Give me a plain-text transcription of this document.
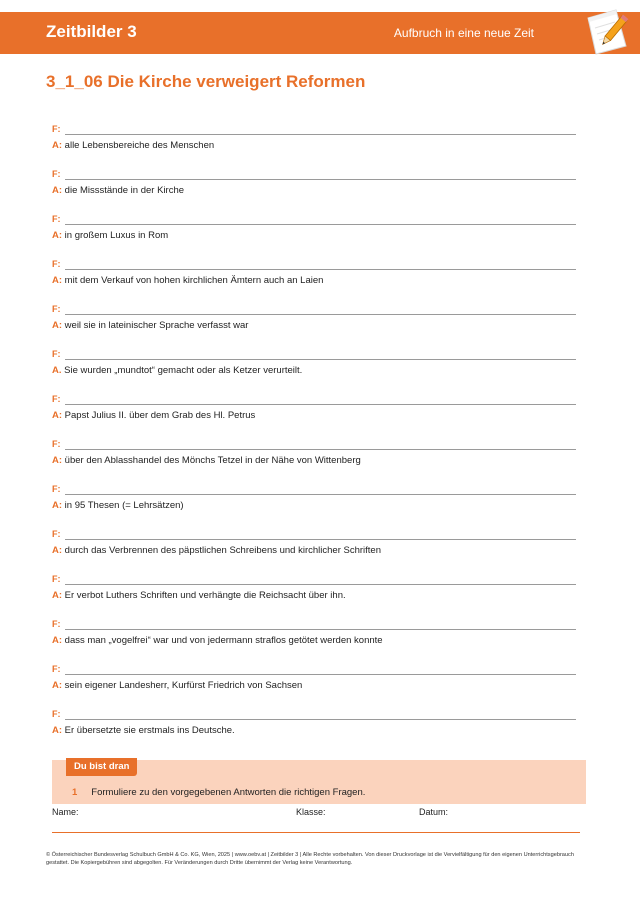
Zeitbilder 3	Aufbruch in eine neue Zeit
3_1_06 Die Kirche verweigert Reformen
F:
A: alle Lebensbereiche des Menschen
F:
A: die Missstände in der Kirche
F:
A: in großem Luxus in Rom
F:
A: mit dem Verkauf von hohen kirchlichen Ämtern auch an Laien
F:
A: weil sie in lateinischer Sprache verfasst war
F:
A. Sie wurden „mundtot“ gemacht oder als Ketzer verurteilt.
F:
A: Papst Julius II. über dem Grab des Hl. Petrus
F:
A: über den Ablasshandel des Mönchs Tetzel in der Nähe von Wittenberg
F:
A: in 95 Thesen (= Lehrsätzen)
F:
A: durch das Verbrennen des päpstlichen Schreibens und kirchlicher Schriften
F:
A: Er verbot Luthers Schriften und verhängte die Reichsacht über ihn.
F:
A: dass man „vogelfrei“ war und von jedermann straflos getötet werden konnte
F:
A: sein eigener Landesherr, Kurfürst Friedrich von Sachsen
F:
A: Er übersetzte sie erstmals ins Deutsche.
Du bist dran
1 Formuliere zu den vorgegebenen Antworten die richtigen Fragen.
Name:	Klasse:	Datum:
© Österreichischer Bundesverlag Schulbuch GmbH & Co. KG, Wien, 2025 | www.oebv.at | Zeitbilder 3 | Alle Rechte vorbehalten. Von dieser Druckvorlage ist die Vervielfältigung für den eigenen Unterrichtsgebrauch gestattet. Die Kopiergebühren sind abgegolten. Für Veränderungen durch Dritte übernimmt der Verlag keine Verantwortung.
